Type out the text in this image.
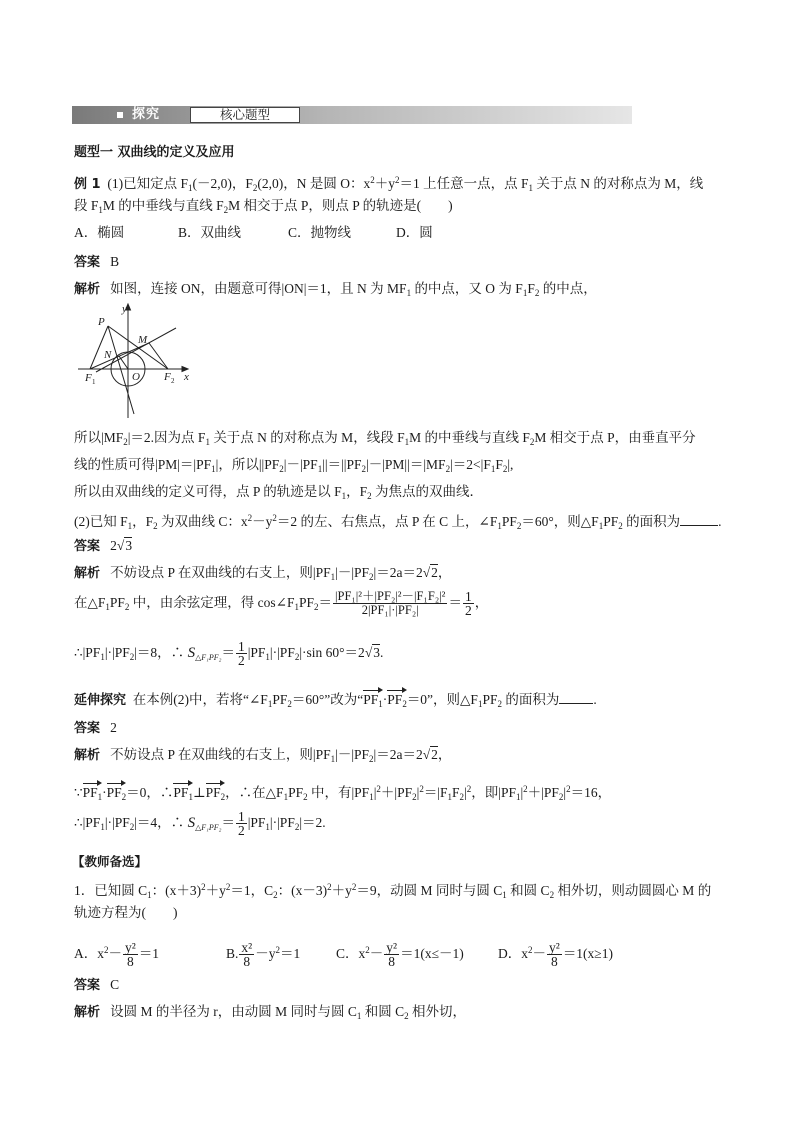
探究	核心题型
题型一 双曲线的定义及应用
例 1 (1)已知定点 $F_1(-2,0)$，$F_2(2,0)$，N 是圆 O：$x^2+y^2=1$ 上任意一点，点 $F_1$ 关于点 N 的对称点为 M，线
段 $F_1M$ 的中垂线与直线 $F_2M$ 相交于点 P，则点 P 的轨迹是(　　)
A．椭圆	B．双曲线	C．抛物线	D．圆
答案 B
解析 如图，连接 ON，由题意可得|ON|＝1，且 N 为 $MF_1$ 的中点，又 O 为 $F_1F_2$ 的中点，
P
y
M
N
F 1	O F 2 x
所以$|MF_2|=2$.因为点 $F_1$ 关于点 N 的对称点为 M，线段 $F_1M$ 的中垂线与直线 $F_2M$ 相交于点 P，由垂直平分
线的性质可得$|PM|=|PF_1|$，所以$||PF_2|-|PF_1||=||PF_2|-|PM||=|MF_2|=2<|F_1F_2|$,
所以由双曲线的定义可得，点 P 的轨迹是以 $F_1$，$F_2$ 为焦点的双曲线．
(2)已知 $F_1$，$F_2$ 为双曲线 C：$x^2-y^2=2$ 的左、右焦点，点 P 在 C 上，$\angle F_1PF_2=60^\circ$，则$\triangle F_1PF_2$ 的面积为	.
答案 2√3
解析 不妨设点 P 在双曲线的右支上，则$|PF_1|-|PF_2|=2a=2√2$，
在$\triangle F_1PF_2$ 中，由余弦定理，得 $\cos\angle F_1PF_2= \frac{\text{|PF₁|²＋|PF₂|²－|F₁F₂|²}}{\text{2|PF₁|·|PF₂|}} = \frac{1}{2}$ ，
$\therefore|PF_1|\cdot|PF_2|=8$，∴ $S_{\triangle F_1PF_2}= \frac{1}{2} |PF_1|\cdot|PF_2|\cdot\sin$ 60°＝2√3.
延伸探究 在本例(2)中，若将“$\angle F_1PF_2=60^\circ$”改为“$PF_1\cdot PF_2=0$”，则$\triangle F_1PF_2$ 的面积为	.
答案 2
解析 不妨设点 P 在双曲线的右支上，则$|PF_1|-|PF_2|=2a=2√2$，
$\because PF_1\cdot PF_2=0$，$\therefore PF_1\perp PF_2$，∴在$\triangle F_1PF_2$ 中，有$|PF_1|^2+|PF_2|^2=|F_1F_2|^2$，即$|PF_1|^2+|PF_2|^2=16$，
$\therefore|PF_1|\cdot|PF_2|=4$，∴ $S_{\triangle F_1PF_2}= \frac{1}{2} |PF_1|\cdot|PF_2|=2$.
【教师备选】
1．已知圆 $C_1$：$(x+3)^2+y^2=1$，$C_2$：$(x-3)^2+y^2=9$，动圆 M 同时与圆 $C_1$ 和圆 $C_2$ 相外切，则动圆圆心 M 的
轨迹方程为(　　)
A．$x^2- \frac{\text{y²}}{8} =1$	B. $\frac{\text{x²}}{8} -y^2=1$	C．$x^2- \frac{\text{y²}}{8} =1(x\le-1)$	D．$x^2- \frac{\text{y²}}{8} =1(x\ge 1)$
答案 C
解析 设圆 M 的半径为 r，由动圆 M 同时与圆 $C_1$ 和圆 $C_2$ 相外切，
